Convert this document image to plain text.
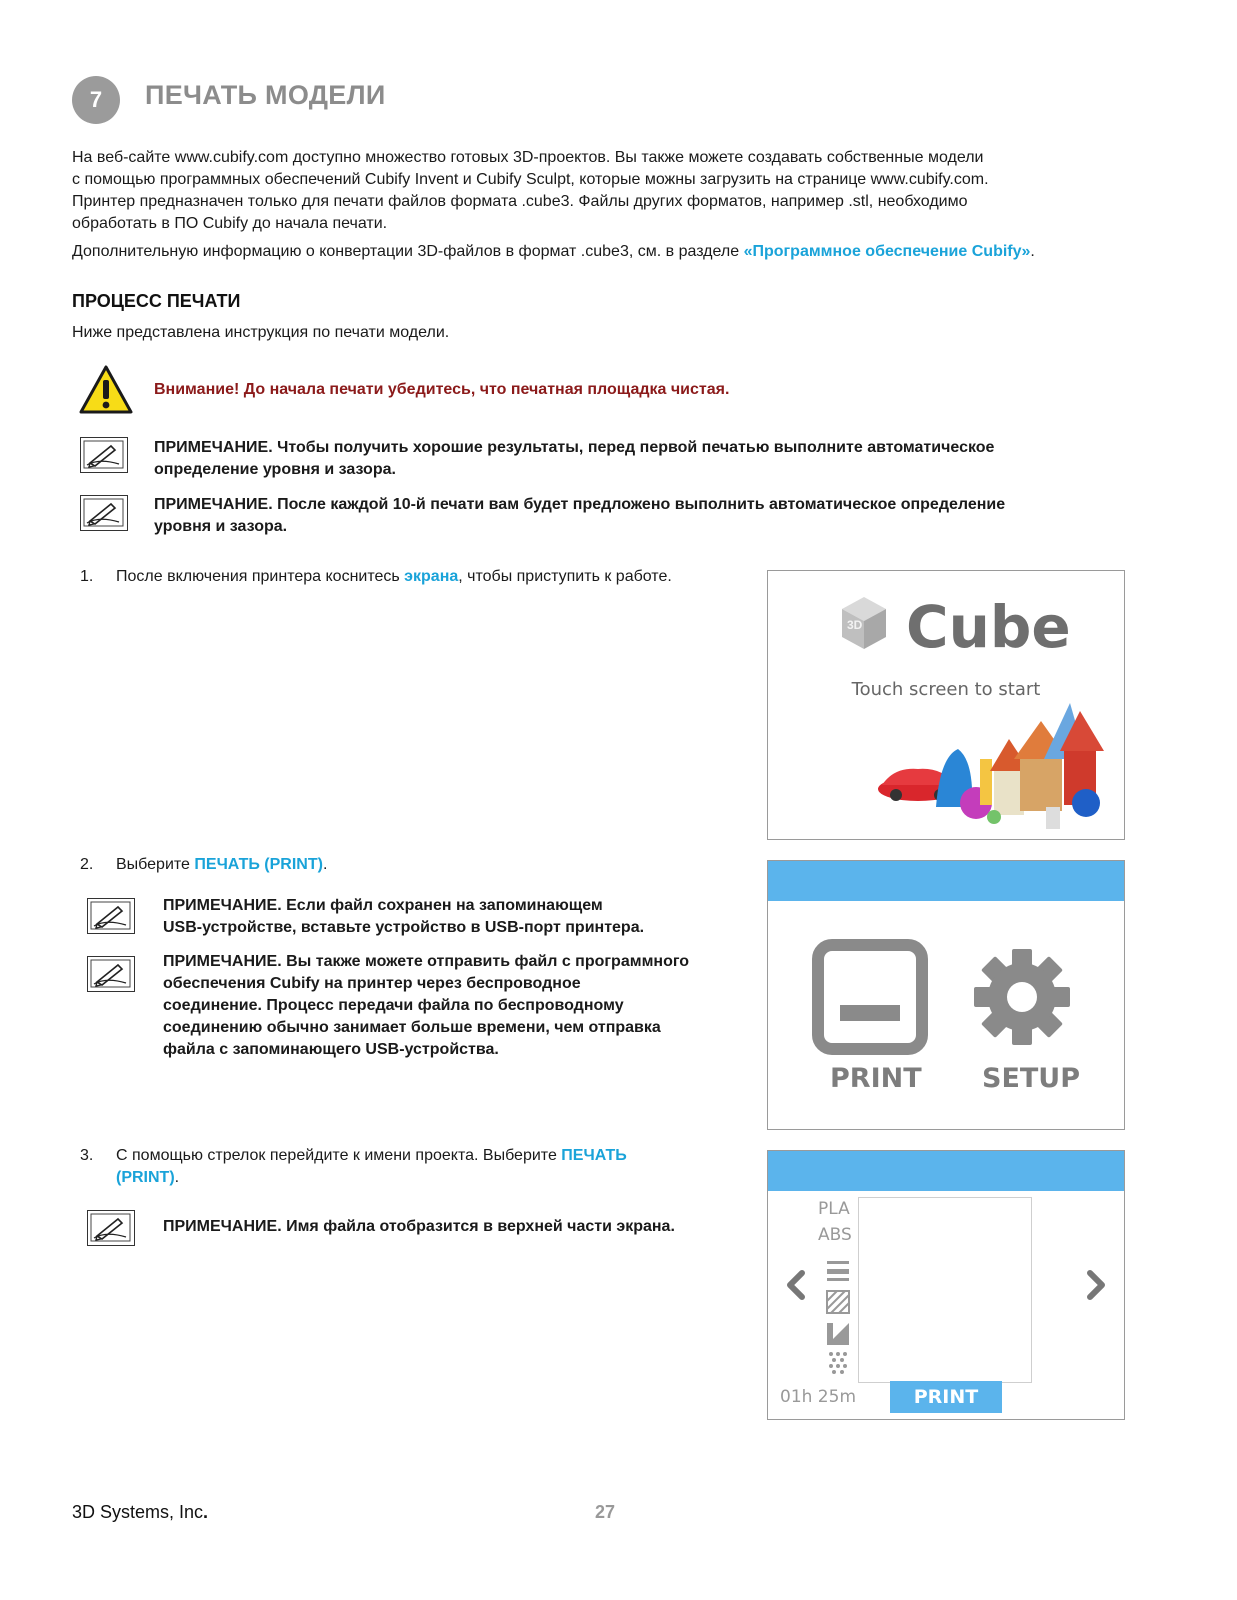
7 ПЕЧАТЬ МОДЕЛИ
На веб-сайте www.cubify.com доступно множество готовых 3D-проектов. Вы также можете создавать собственные модели
с помощью программных обеспечений Cubify Invent и Cubify Sculpt, которые можны загрузить на странице www.cubify.com.
Принтер предназначен только для печати файлов формата .cube3. Файлы других форматов, например .stl, необходимо
обработать в ПО Cubify до начала печати.
Дополнительную информацию о конвертации 3D-файлов в формат .cube3, см. в разделе «Программное обеспечение Cubify».
ПРОЦЕСС ПЕЧАТИ
Ниже представлена инструкция по печати модели.
Внимание! До начала печати убедитесь, что печатная площадка чистая.
ПРИМЕЧАНИЕ. Чтобы получить хорошие результаты, перед первой печатью выполните автоматическое
определение уровня и зазора.
ПРИМЕЧАНИЕ. После каждой 10-й печати вам будет предложено выполнить автоматическое определение
уровня и зазора.
1. После включения принтера коснитесь экрана, чтобы приступить к работе.
3D Cube
Touch screen to start
2. Выберите ПЕЧАТЬ (PRINT).
ПРИМЕЧАНИЕ. Если файл сохранен на запоминающем
USB-устройстве, вставьте устройство в USB-порт принтера.
ПРИМЕЧАНИЕ. Вы также можете отправить файл с программного
обеспечения Cubify на принтер через беспроводное
соединение. Процесс передачи файла по беспроводному
соединению обычно занимает больше времени, чем отправка
файла с запоминающего USB-устройства.
PRINT SETUP
3. С помощью стрелок перейдите к имени проекта. Выберите ПЕЧАТЬ
(PRINT).
ПРИМЕЧАНИЕ. Имя файла отобразится в верхней части экрана.
PLA
ABS
01h 25m	PRINT
3D Systems, Inc.	27
